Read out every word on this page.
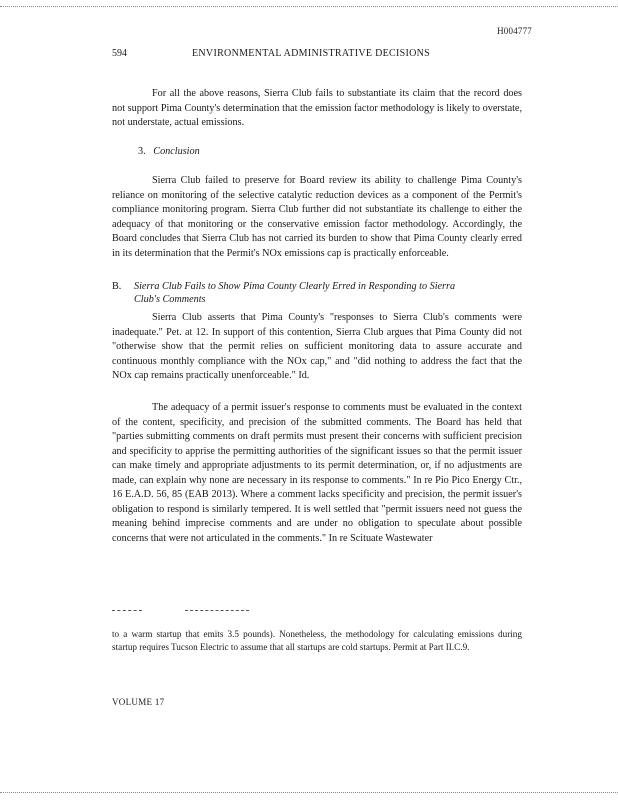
H004777
594	ENVIRONMENTAL ADMINISTRATIVE DECISIONS

For all the above reasons, Sierra Club fails to substantiate its claim that the record does not support Pima County's determination that the emission factor methodology is likely to overstate, not understate, actual emissions.

3. Conclusion

Sierra Club failed to preserve for Board review its ability to challenge Pima County's reliance on monitoring of the selective catalytic reduction devices as a component of the Permit's compliance monitoring program. Sierra Club further did not substantiate its challenge to either the adequacy of that monitoring or the conservative emission factor methodology. Accordingly, the Board concludes that Sierra Club has not carried its burden to show that Pima County clearly erred in its determination that the Permit's NOx emissions cap is practically enforceable.

B. Sierra Club Fails to Show Pima County Clearly Erred in Responding to Sierra
Club's Comments

Sierra Club asserts that Pima County's "responses to Sierra Club's comments were inadequate." Pet. at 12. In support of this contention, Sierra Club argues that Pima County did not "otherwise show that the permit relies on sufficient monitoring data to assure accurate and continuous monthly compliance with the NOx cap," and "did nothing to address the fact that the NOx cap remains practically unenforceable." Id.

The adequacy of a permit issuer's response to comments must be evaluated in the context of the content, specificity, and precision of the submitted comments. The Board has held that "parties submitting comments on draft permits must present their concerns with sufficient precision and specificity to apprise the permitting authorities of the significant issues so that the permit issuer can make timely and appropriate adjustments to its permit determination, or, if no adjustments are made, can explain why none are necessary in its response to comments." In re Pio Pico Energy Ctr., 16 E.A.D. 56, 85 (EAB 2013). Where a comment lacks specificity and precision, the permit issuer's obligation to respond is similarly tempered. It is well settled that "permit issuers need not guess the meaning behind imprecise comments and are under no obligation to speculate about possible concerns that were not articulated in the comments." In re Scituate Wastewater

to a warm startup that emits 3.5 pounds). Nonetheless, the methodology for calculating emissions during startup requires Tucson Electric to assume that all startups are cold startups. Permit at Part II.C.9.

VOLUME 17
